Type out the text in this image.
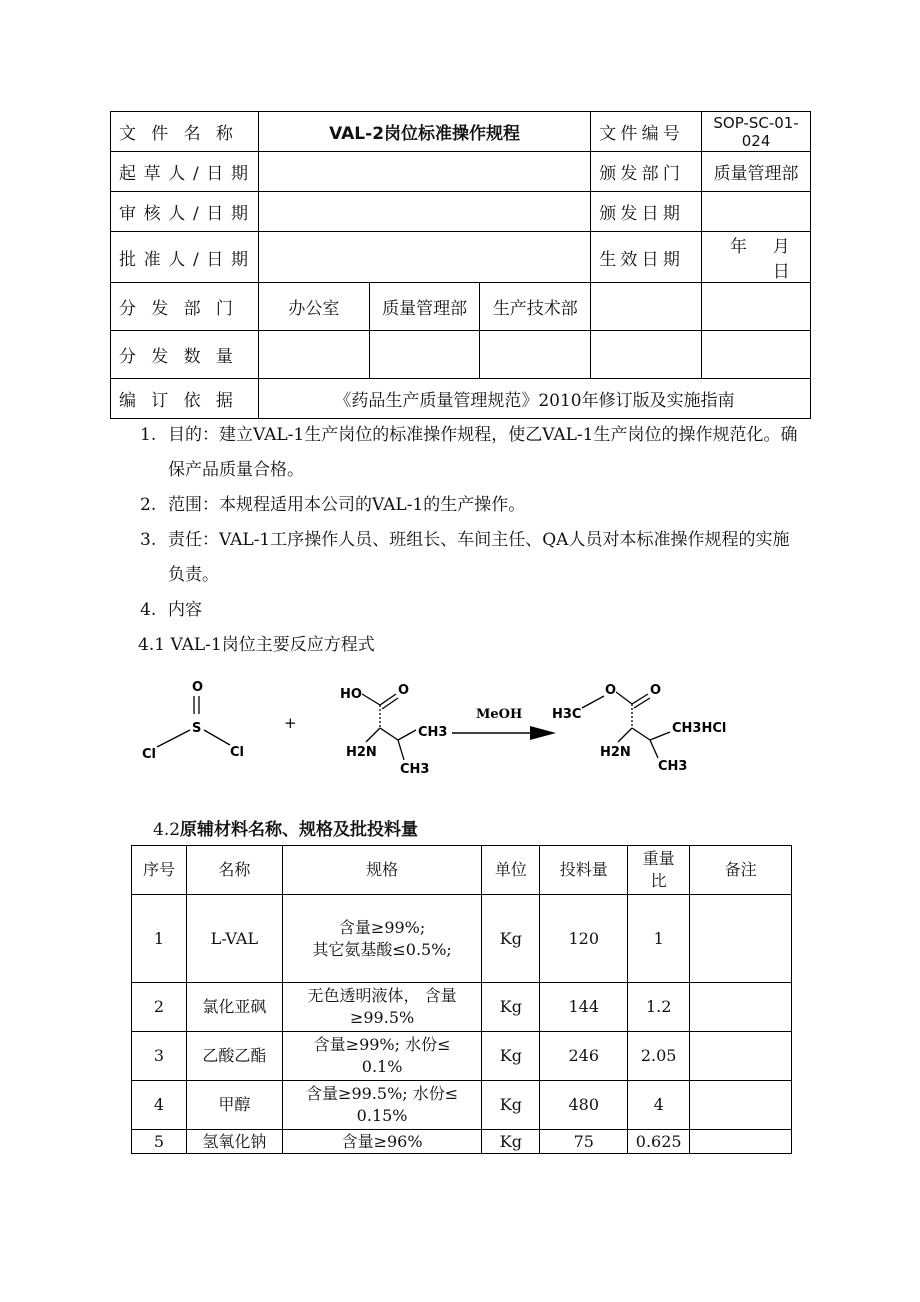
文件名称	VAL-2岗位标准操作规程			文件编号	SOP-SC-01-024
起草人/日期				颁发部门	质量管理部
审核人/日期				颁发日期	
批准人/日期				生效日期	年 月 日
分发部门	办公室	质量管理部	生产技术部		
分发数量					
编订依据	《药品生产质量管理规范》2010年修订版及实施指南				
1. 目的：建立VAL-1生产岗位的标准操作规程，使乙VAL-1生产岗位的操作规范化。确保产品质量合格。
2. 范围：本规程适用本公司的VAL-1的生产操作。
3. 责任：VAL-1工序操作人员、班组长、车间主任、QA人员对本标准操作规程的实施负责。
4. 内容
4.1 VAL-1岗位主要反应方程式
O
S
Cl	Cl
+
HO	O
H2N
CH3
CH3
MeOH H3C
O	O
H2N
CH3HCl
CH3
4.2原辅材料名称、规格及批投料量
序号	名称	规格	单位	投料量	重量比	备注
1	L-VAL	含量≥99%;
其它氨基酸≤0.5%;	Kg	120	1	
2	氯化亚砜	无色透明液体， 含量
≥99.5%	Kg	144	1.2	
3	乙酸乙酯	含量≥99%; 水份≤
0.1%	Kg	246	2.05	
4	甲醇	含量≥99.5%; 水份≤
0.15%	Kg	480	4	
5	氢氧化钠	含量≥96%	Kg	75	0.625	
